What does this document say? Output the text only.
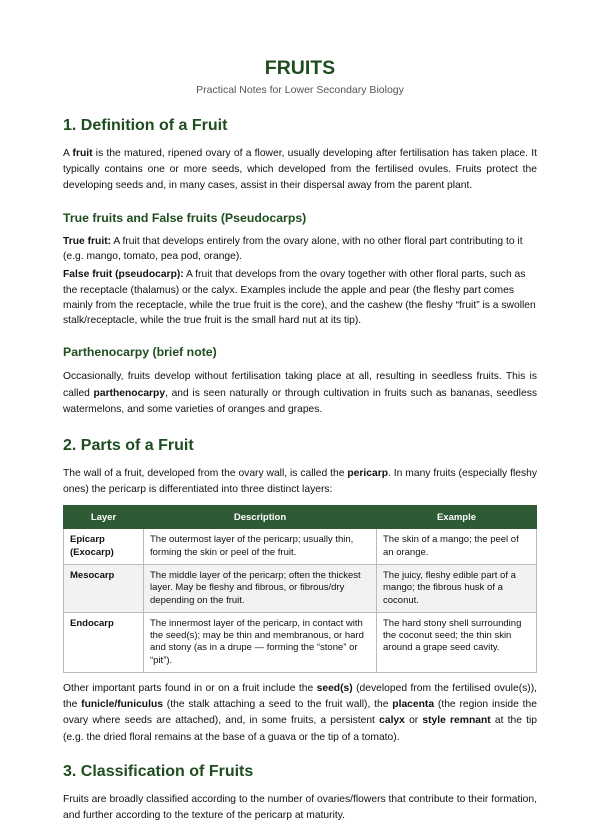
FRUITS
Practical Notes for Lower Secondary Biology
1. Definition of a Fruit

A fruit is the matured, ripened ovary of a flower, usually developing after fertilisation has taken place. It typically contains one or more seeds, which developed from the fertilised ovules. Fruits protect the developing seeds and, in many cases, assist in their dispersal away from the parent plant.

True fruits and False fruits (Pseudocarps)

True fruit: A fruit that develops entirely from the ovary alone, with no other floral part contributing to it (e.g. mango, tomato, pea pod, orange).

False fruit (pseudocarp): A fruit that develops from the ovary together with other floral parts, such as the receptacle (thalamus) or the calyx. Examples include the apple and pear (the fleshy part comes mainly from the receptacle, while the true fruit is the core), and the cashew (the fleshy “fruit” is a swollen stalk/receptacle, while the true fruit is the small hard nut at its tip).

Parthenocarpy (brief note)

Occasionally, fruits develop without fertilisation taking place at all, resulting in seedless fruits. This is called parthenocarpy, and is seen naturally or through cultivation in fruits such as bananas, seedless watermelons, and some varieties of oranges and grapes.

2. Parts of a Fruit

The wall of a fruit, developed from the ovary wall, is called the pericarp. In many fruits (especially fleshy ones) the pericarp is differentiated into three distinct layers:

Layer	Description	Example
Epicarp (Exocarp)	The outermost layer of the pericarp; usually thin, forming the skin or peel of the fruit.	The skin of a mango; the peel of an orange.
Mesocarp	The middle layer of the pericarp; often the thickest layer. May be fleshy and fibrous, or fibrous/dry depending on the fruit.	The juicy, fleshy edible part of a mango; the fibrous husk of a coconut.
Endocarp	The innermost layer of the pericarp, in contact with the seed(s); may be thin and membranous, or hard and stony (as in a drupe — forming the “stone” or “pit”).	The hard stony shell surrounding the coconut seed; the thin skin around a grape seed cavity.

Other important parts found in or on a fruit include the seed(s) (developed from the fertilised ovule(s)), the funicle/funiculus (the stalk attaching a seed to the fruit wall), the placenta (the region inside the ovary where seeds are attached), and, in some fruits, a persistent calyx or style remnant at the tip (e.g. the dried floral remains at the base of a guava or the tip of a tomato).

3. Classification of Fruits

Fruits are broadly classified according to the number of ovaries/flowers that contribute to their formation, and further according to the texture of the pericarp at maturity.
